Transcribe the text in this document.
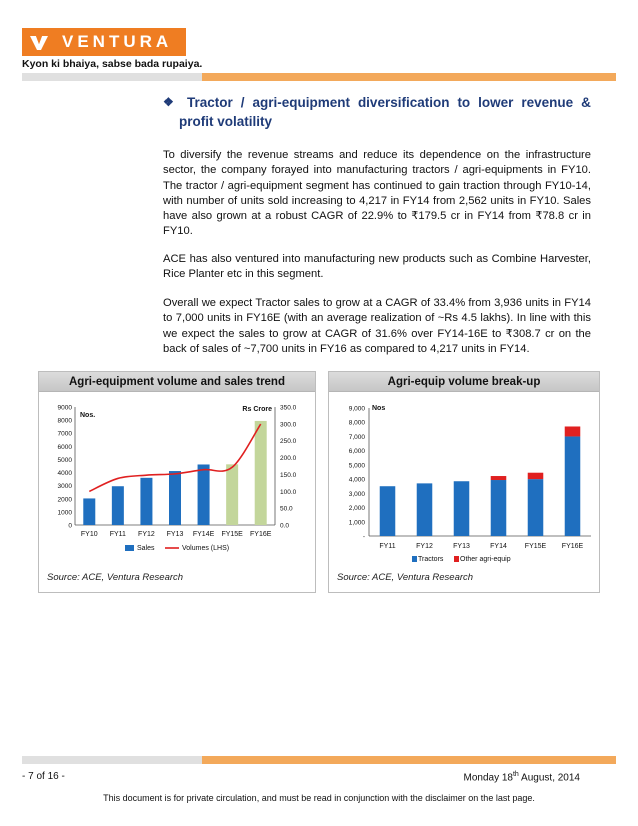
VENTURA
Kyon ki bhaiya, sabse bada rupaiya.
❖ Tractor / agri-equipment diversification to lower revenue &
profit volatility

To diversify the revenue streams and reduce its dependence on the infrastructure sector, the company forayed into manufacturing tractors / agri-equipments in FY10. The tractor / agri-equipment segment has continued to gain traction through FY10-14, with number of units sold increasing to 4,217 in FY14 from 2,562 units in FY10. Sales have also grown at a robust CAGR of 22.9% to ₹179.5 cr in FY14 from ₹78.8 cr in FY10.

ACE has also ventured into manufacturing new products such as Combine Harvester, Rice Planter etc in this segment.

Overall we expect Tractor sales to grow at a CAGR of 33.4% from 3,936 units in FY14 to 7,000 units in FY16E (with an average realization of ~Rs 4.5 lakhs). In line with this we expect the sales to grow at CAGR of 31.6% over FY14-16E to ₹308.7 cr on the back of sales of ~7,700 units in FY16 as compared to 4,217 units in FY14.

Agri-equipment volume and sales trend
0
1000
2000
3000
4000
5000
6000
7000
8000
9000
0.0
50.0
100.0
150.0
200.0
250.0
300.0
350.0
Nos.
Rs Crore
FY10 FY11 FY12 FY13 FY14E FY15E FY16E
Sales	Volumes (LHS)
Source: ACE, Ventura Research
Agri-equip volume break-up
-
1,000
2,000
3,000
4,000
5,000
6,000
7,000
8,000
9,000 Nos
FY11	FY12	FY13	FY14	FY15E FY16E
Tractors Other agri-equip
Source: ACE, Ventura Research
- 7 of 16 -	Monday 18th August, 2014
This document is for private circulation, and must be read in conjunction with the disclaimer on the last page.
